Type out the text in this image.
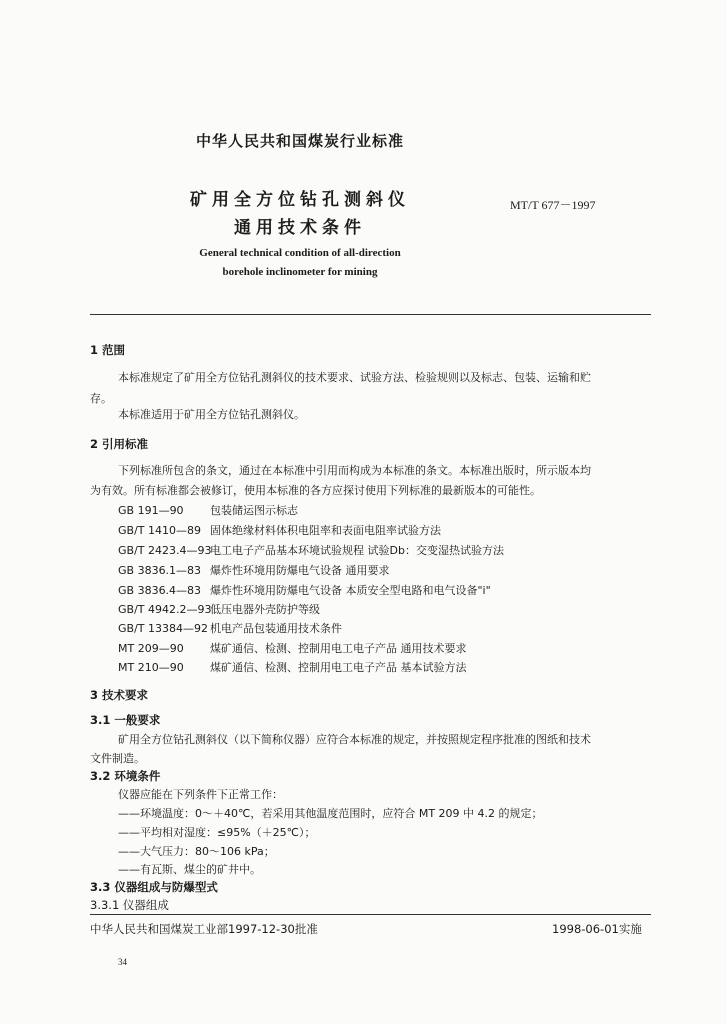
中华人民共和国煤炭行业标准
矿用全方位钻孔测斜仪
通用技术条件
MT/T 677－1997
General technical condition of all-direction
borehole inclinometer for mining
1 范围
本标准规定了矿用全方位钻孔测斜仪的技术要求、试验方法、检验规则以及标志、包装、运输和贮
存。
本标准适用于矿用全方位钻孔测斜仪。
2 引用标准
下列标准所包含的条文，通过在本标准中引用而构成为本标准的条文。本标准出版时，所示版本均
为有效。所有标准都会被修订，使用本标准的各方应探讨使用下列标准的最新版本的可能性。
GB 191—90 包装储运图示标志
GB/T 1410—89 固体绝缘材料体积电阻率和表面电阻率试验方法
GB/T 2423.4—93电工电子产品基本环境试验规程 试验Db：交变湿热试验方法
GB 3836.1—83 爆炸性环境用防爆电气设备 通用要求
GB 3836.4—83 爆炸性环境用防爆电气设备 本质安全型电路和电气设备"i"
GB/T 4942.2—93低压电器外壳防护等级
GB/T 13384—92 机电产品包装通用技术条件
MT 209—90 煤矿通信、检测、控制用电工电子产品 通用技术要求
MT 210—90 煤矿通信、检测、控制用电工电子产品 基本试验方法
3 技术要求
3.1 一般要求
矿用全方位钻孔测斜仪（以下简称仪器）应符合本标准的规定，并按照规定程序批准的图纸和技术
文件制造。
3.2 环境条件
仪器应能在下列条件下正常工作：
——环境温度：0～＋40℃，若采用其他温度范围时，应符合 MT 209 中 4.2 的规定；
——平均相对湿度：≤95%（＋25℃）；
——大气压力：80～106 kPa；
——有瓦斯、煤尘的矿井中。
3.3 仪器组成与防爆型式
3.3.1 仪器组成
中华人民共和国煤炭工业部1997-12-30批准	1998-06-01实施
34
